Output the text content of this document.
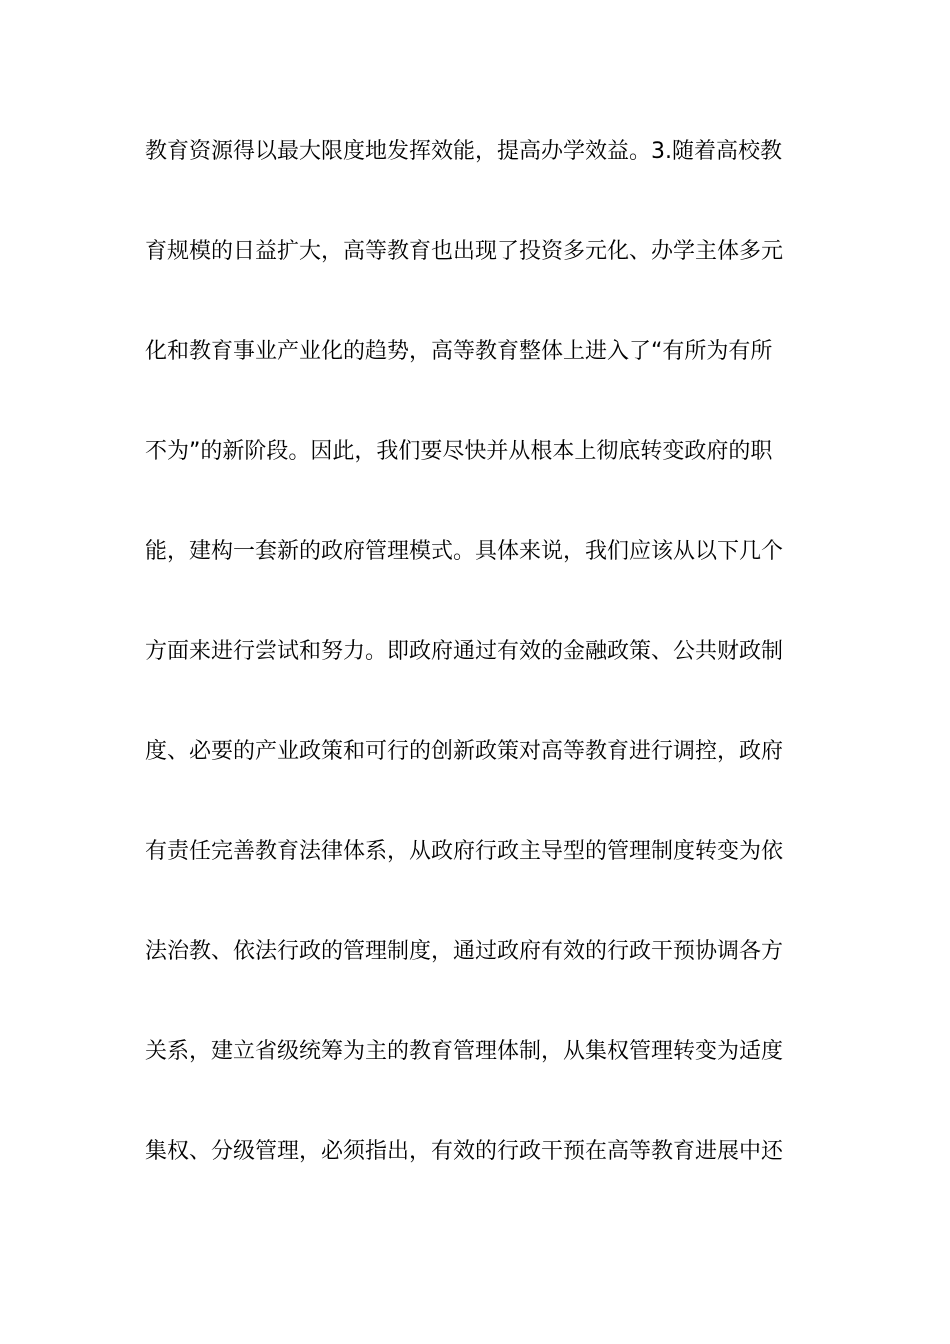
教育资源得以最大限度地发挥效能，提高办学效益。3.随着高校教
育规模的日益扩大，高等教育也出现了投资多元化、办学主体多元
化和教育事业产业化的趋势，高等教育整体上进入了“有所为有所
不为”的新阶段。因此，我们要尽快并从根本上彻底转变政府的职
能，建构一套新的政府管理模式。具体来说，我们应该从以下几个
方面来进行尝试和努力。即政府通过有效的金融政策、公共财政制
度、必要的产业政策和可行的创新政策对高等教育进行调控，政府
有责任完善教育法律体系，从政府行政主导型的管理制度转变为依
法治教、依法行政的管理制度，通过政府有效的行政干预协调各方
关系，建立省级统筹为主的教育管理体制，从集权管理转变为适度
集权、分级管理，必须指出，有效的行政干预在高等教育进展中还
